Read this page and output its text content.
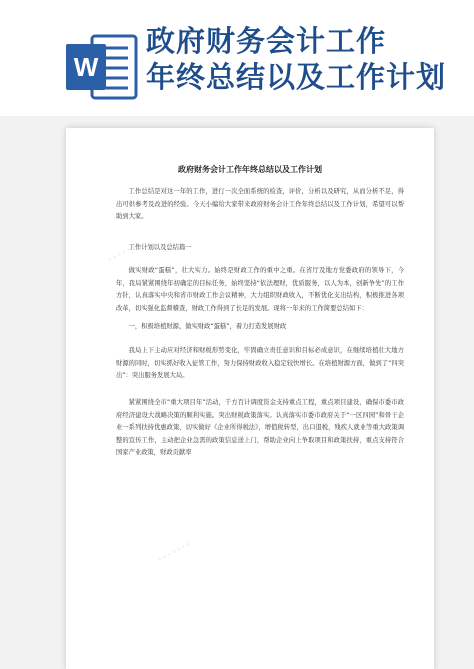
W
政府财务会计工作
年终总结以及工作计划
•••••••
•••••••
•••••••
政府财务会计工作年终总结以及工作计划
工作总结是对这一年的工作，进行一次全面系统的检查，评价，分析以及研究，从而分析不足，得出可供参考及改进的经验。今天小编给大家带来政府财务会计工作年终总结以及工作计划，希望可以帮助到大家。
工作计划以及总结篇一
做实财政“蛋糕”，壮大实力。始终是财政工作的重中之重。在省厅及地方党委政府的领导下，今年，我局紧紧围绕年初确定的目标任务，始终坚持“依法理财，优质服务，以人为本，创新争先”的工作方针，认真落实中央和省市财政工作会议精神，大力组织财政收入，不断优化支出结构，积极推进各项改革，切实强化监督稽查，财政工作得到了长足的发展。现将一年来的工作简要总结如下：
一，积极培植财源，做实财政“蛋糕”，着力打造发展财政
我局上下主动应对经济和财税形势变化，牢固确立责任意识和目标必成意识，在继续培植壮大地方财源的同时，切实抓好收入征管工作，努力保持财政收入稳定较快增长。在培植财源方面，做到了“四突出”：突出服务发展大局。
紧紧围绕全市“重大项目年”活动，千方百计调度资金支持重点工程，重点项目建设，确保市委市政府经济建设大战略决策的顺利实施。突出财税政策落实。认真落实市委市政府关于“一区四园”和骨干企业一系列扶持优惠政策，切实做好《企业所得税法》，增值税转型，出口退税，残疾人就业等重大政策调整的宣传工作，主动把企业急需的政策信息送上门，帮助企业向上争取项目和政策扶持，重点支持符合国家产业政策，财政贡献率
